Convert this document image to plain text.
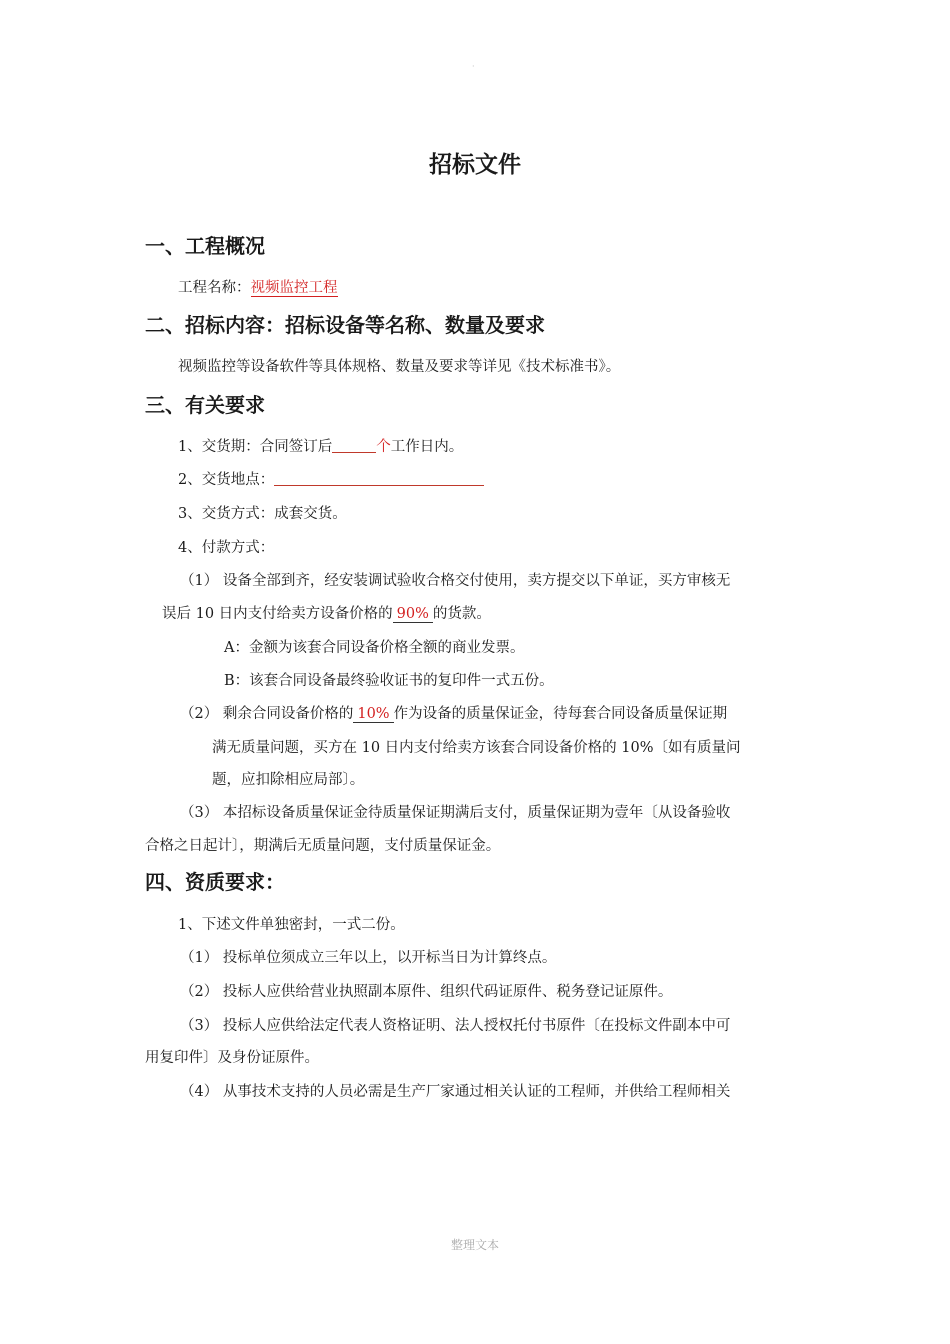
·
招标文件
一、工程概况
工程名称：视频监控工程
二、招标内容：招标设备等名称、数量及要求
视频监控等设备软件等具体规格、数量及要求等详见《技术标准书》。
三、有关要求
1、交货期：合同签订后	个工作日内。
2、交货地点：
3、交货方式：成套交货。
4、付款方式：
（1） 设备全部到齐，经安装调试验收合格交付使用，卖方提交以下单证，买方审核无
误后 10 日内支付给卖方设备价格的 90% 的货款。
A：金额为该套合同设备价格全额的商业发票。
B：该套合同设备最终验收证书的复印件一式五份。
（2） 剩余合同设备价格的 10% 作为设备的质量保证金，待每套合同设备质量保证期
满无质量问题，买方在 10 日内支付给卖方该套合同设备价格的 10%〔如有质量问
题，应扣除相应局部〕。
（3） 本招标设备质量保证金待质量保证期满后支付，质量保证期为壹年〔从设备验收
合格之日起计〕，期满后无质量问题，支付质量保证金。
四、资质要求：
1、下述文件单独密封，一式二份。
（1） 投标单位须成立三年以上，以开标当日为计算终点。
（2） 投标人应供给营业执照副本原件、组织代码证原件、税务登记证原件。
（3） 投标人应供给法定代表人资格证明、法人授权托付书原件〔在投标文件副本中可
用复印件〕及身份证原件。
（4） 从事技术支持的人员必需是生产厂家通过相关认证的工程师，并供给工程师相关
整理文本
